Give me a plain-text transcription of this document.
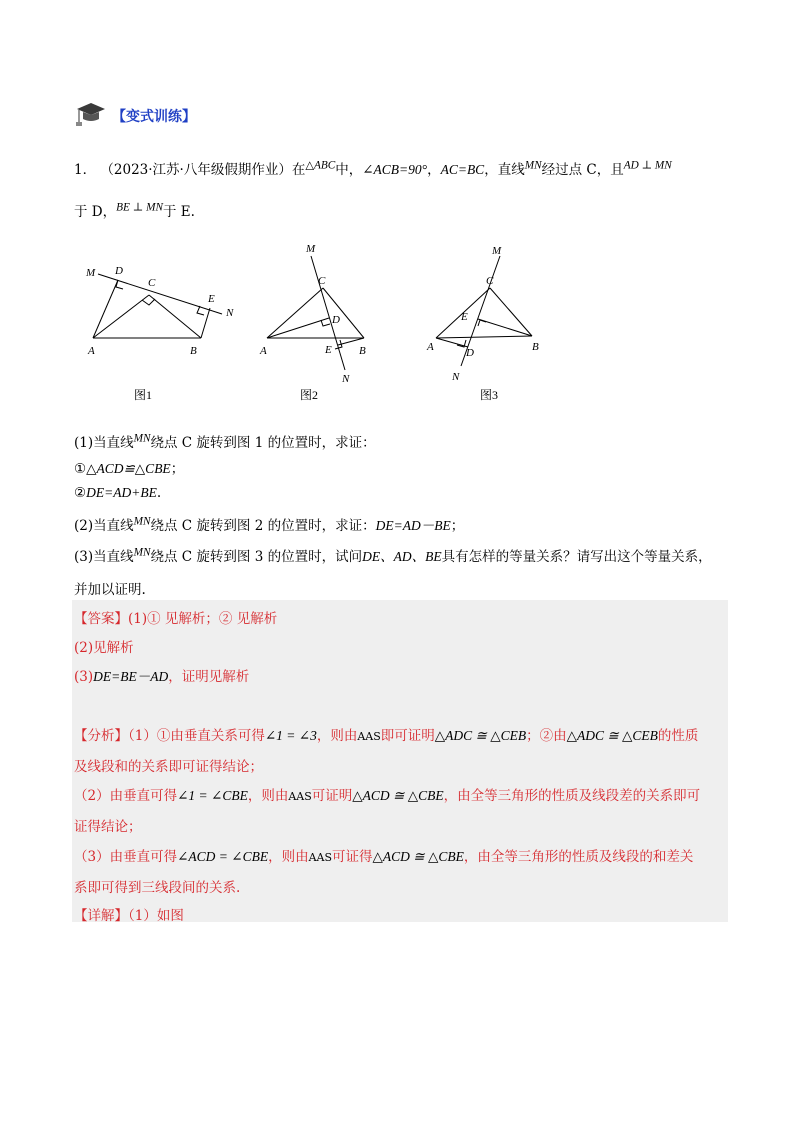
【变式训练】
1． （2023·江苏·八年级假期作业）在$^{\triangle ABC}$中，∠ACB=90°，AC=BC，直线$^{MN}$经过点 C，且$^{AD \perp MN}$
于 D，$^{BE \perp MN}$于 E.
M D
C
E
N
A	B
M
C
D
A	E B
N
M
C
E
A	D	B
N
图1	图2	图3
(1)当直线$^{MN}$绕点 C 旋转到图 1 的位置时，求证：
①△ACD≌△CBE；
②DE=AD+BE.
(2)当直线$^{MN}$绕点 C 旋转到图 2 的位置时，求证：DE=AD－BE；
(3)当直线$^{MN}$绕点 C 旋转到图 3 的位置时，试问DE、AD、BE具有怎样的等量关系？请写出这个等量关系，
并加以证明.
【答案】(1)① 见解析；② 见解析
(2)见解析
(3)DE=BE－AD，证明见解析
【分析】（1）①由垂直关系可得∠1 = ∠3，则由AAS即可证明△ADC ≅ △CEB；②由△ADC ≅ △CEB的性质
及线段和的关系即可证得结论；
（2）由垂直可得∠1 = ∠CBE，则由AAS可证明△ACD ≅ △CBE，由全等三角形的性质及线段差的关系即可
证得结论；
（3）由垂直可得∠ACD = ∠CBE，则由AAS可证得△ACD ≅ △CBE，由全等三角形的性质及线段的和差关
系即可得到三线段间的关系.
【详解】（1）如图
